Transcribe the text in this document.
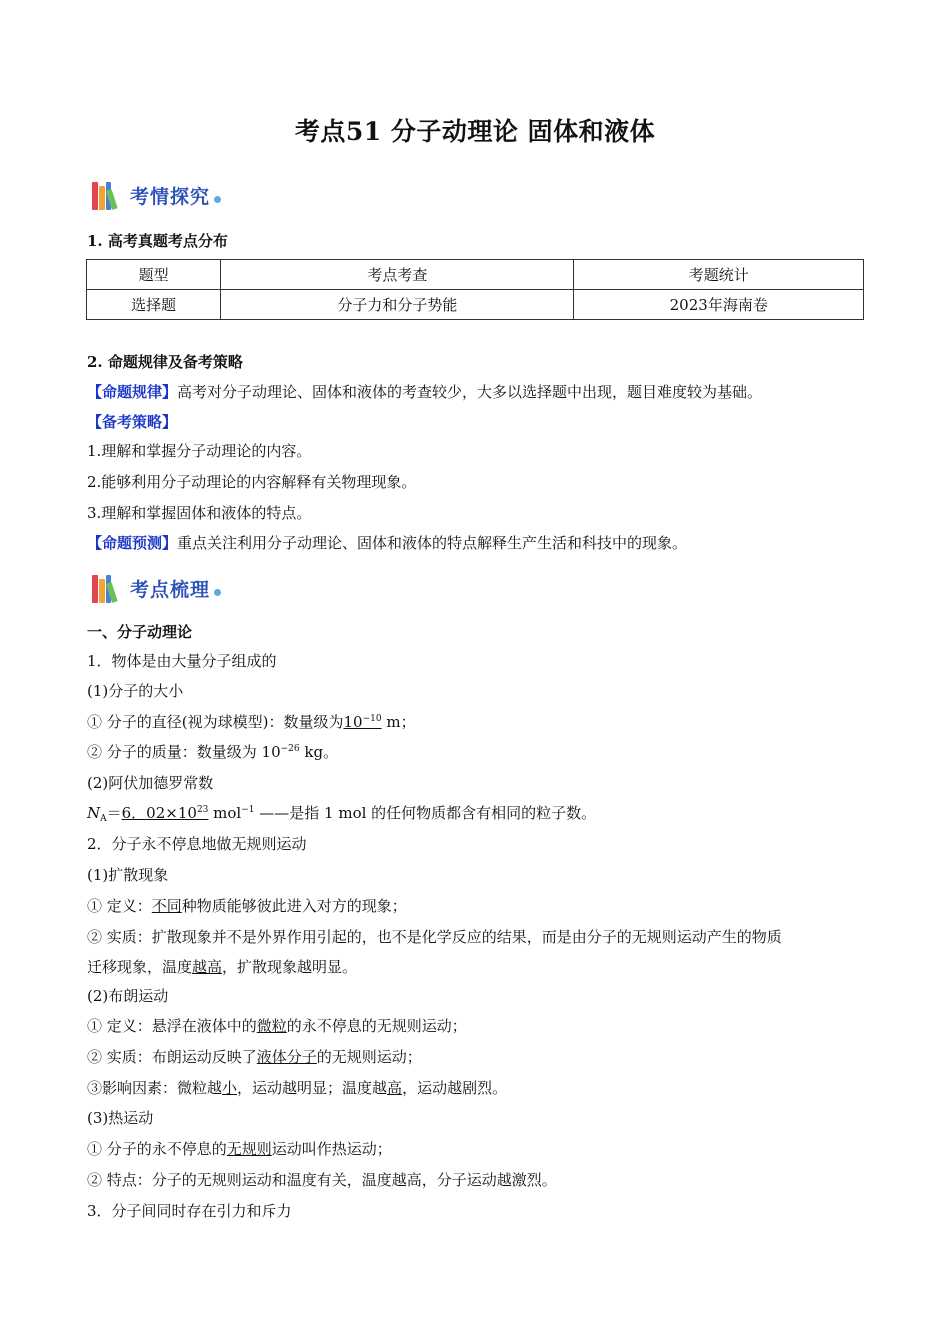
考点51 分子动理论 固体和液体
考情探究
1. 高考真题考点分布
题型	考点考查	考题统计
选择题	分子力和分子势能	2023年海南卷
2. 命题规律及备考策略
【命题规律】高考对分子动理论、固体和液体的考查较少，大多以选择题中出现，题目难度较为基础。
【备考策略】
1.理解和掌握分子动理论的内容。
2.能够利用分子动理论的内容解释有关物理现象。
3.理解和掌握固体和液体的特点。
【命题预测】重点关注利用分子动理论、固体和液体的特点解释生产生活和科技中的现象。
考点梳理
一、分子动理论
1．物体是由大量分子组成的
(1)分子的大小
① 分子的直径(视为球模型)：数量级为$10^{-10}$ m；
② 分子的质量：数量级为 $10^{-26}$ kg。
(2)阿伏加德罗常数
$N_A=6$．$02\times 10^{23}$ mol$^{-1}$ ——是指 1 mol 的任何物质都含有相同的粒子数。
2．分子永不停息地做无规则运动
(1)扩散现象
① 定义：不同种物质能够彼此进入对方的现象；
② 实质：扩散现象并不是外界作用引起的，也不是化学反应的结果，而是由分子的无规则运动产生的物质
迁移现象，温度越高，扩散现象越明显。
(2)布朗运动
① 定义：悬浮在液体中的微粒的永不停息的无规则运动；
② 实质：布朗运动反映了液体分子的无规则运动；
③影响因素：微粒越小，运动越明显；温度越高，运动越剧烈。
(3)热运动
① 分子的永不停息的无规则运动叫作热运动；
② 特点：分子的无规则运动和温度有关，温度越高，分子运动越激烈。
3．分子间同时存在引力和斥力
